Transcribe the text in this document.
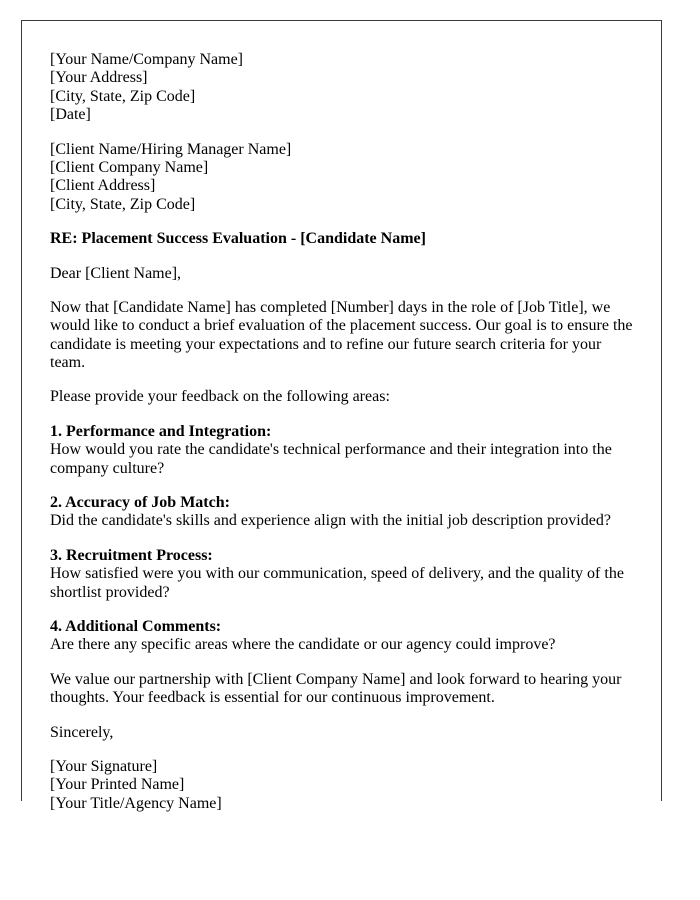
[Your Name/Company Name]
[Your Address]
[City, State, Zip Code]
[Date]

[Client Name/Hiring Manager Name]
[Client Company Name]
[Client Address]
[City, State, Zip Code]

RE: Placement Success Evaluation - [Candidate Name]

Dear [Client Name],

Now that [Candidate Name] has completed [Number] days in the role of [Job Title], we would like to conduct a brief evaluation of the placement success. Our goal is to ensure the candidate is meeting your expectations and to refine our future search criteria for your team.

Please provide your feedback on the following areas:

1. Performance and Integration:
How would you rate the candidate's technical performance and their integration into the company culture?

2. Accuracy of Job Match:
Did the candidate's skills and experience align with the initial job description provided?

3. Recruitment Process:
How satisfied were you with our communication, speed of delivery, and the quality of the shortlist provided?

4. Additional Comments:
Are there any specific areas where the candidate or our agency could improve?

We value our partnership with [Client Company Name] and look forward to hearing your thoughts. Your feedback is essential for our continuous improvement.

Sincerely,

[Your Signature]
[Your Printed Name]
[Your Title/Agency Name]
